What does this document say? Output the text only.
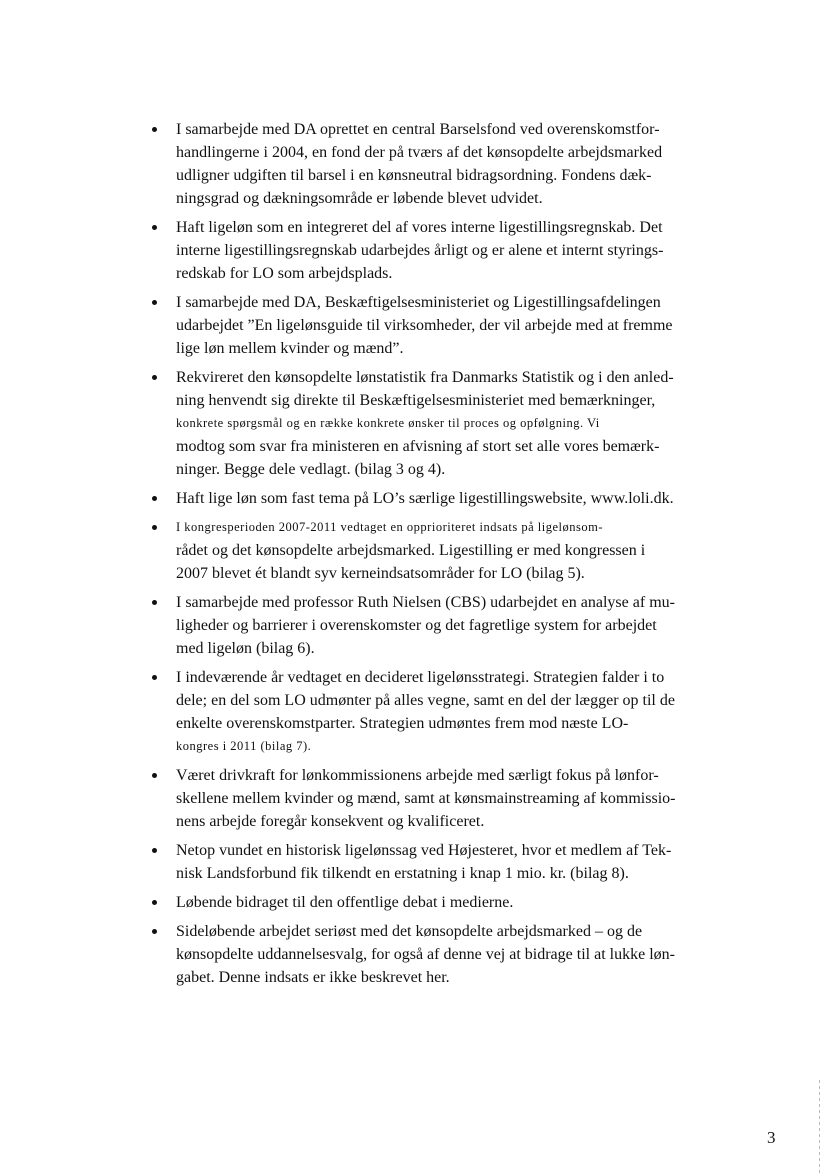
I samarbejde med DA oprettet en central Barselsfond ved overenskomstfor-
handlingerne i 2004, en fond der på tværs af det kønsopdelte arbejdsmarked
udligner udgiften til barsel i en kønsneutral bidragsordning. Fondens dæk-
ningsgrad og dækningsområde er løbende blevet udvidet.
Haft ligeløn som en integreret del af vores interne ligestillingsregnskab. Det
interne ligestillingsregnskab udarbejdes årligt og er alene et internt styrings-
redskab for LO som arbejdsplads.
I samarbejde med DA, Beskæftigelsesministeriet og Ligestillingsafdelingen
udarbejdet ”En ligelønsguide til virksomheder, der vil arbejde med at fremme
lige løn mellem kvinder og mænd”.
Rekvireret den kønsopdelte lønstatistik fra Danmarks Statistik og i den anled-
ning henvendt sig direkte til Beskæftigelsesministeriet med bemærkninger,
konkrete spørgsmål og en række konkrete ønsker til proces og opfølgning. Vi
modtog som svar fra ministeren en afvisning af stort set alle vores bemærk-
ninger. Begge dele vedlagt. (bilag 3 og 4).
Haft lige løn som fast tema på LO’s særlige ligestillingswebsite, www.loli.dk.
I kongresperioden 2007-2011 vedtaget en opprioriteret indsats på ligelønsom-
rådet og det kønsopdelte arbejdsmarked. Ligestilling er med kongressen i
2007 blevet ét blandt syv kerneindsatsområder for LO (bilag 5).
I samarbejde med professor Ruth Nielsen (CBS) udarbejdet en analyse af mu-
ligheder og barrierer i overenskomster og det fagretlige system for arbejdet
med ligeløn (bilag 6).
I indeværende år vedtaget en decideret ligelønsstrategi. Strategien falder i to
dele; en del som LO udmønter på alles vegne, samt en del der lægger op til de
enkelte overenskomstparter. Strategien udmøntes frem mod næste LO-
kongres i 2011 (bilag 7).
Været drivkraft for lønkommissionens arbejde med særligt fokus på lønfor-
skellene mellem kvinder og mænd, samt at kønsmainstreaming af kommissio-
nens arbejde foregår konsekvent og kvalificeret.
Netop vundet en historisk ligelønssag ved Højesteret, hvor et medlem af Tek-
nisk Landsforbund fik tilkendt en erstatning i knap 1 mio. kr. (bilag 8).
Løbende bidraget til den offentlige debat i medierne.
Sideløbende arbejdet seriøst med det kønsopdelte arbejdsmarked – og de
kønsopdelte uddannelsesvalg, for også af denne vej at bidrage til at lukke løn-
gabet. Denne indsats er ikke beskrevet her.
3
